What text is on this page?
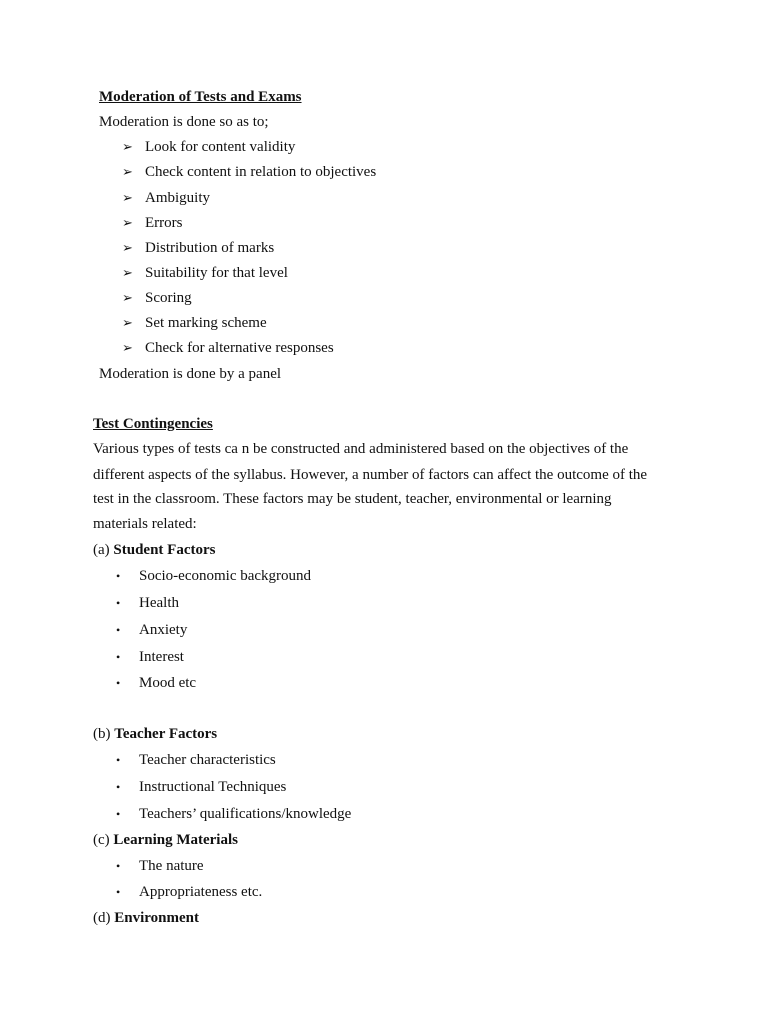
Moderation of Tests and Exams
Moderation is done so as to;
➢ Look for content validity
➢ Check content in relation to objectives
➢ Ambiguity
➢ Errors
➢ Distribution of marks
➢ Suitability for that level
➢ Scoring
➢ Set marking scheme
➢ Check for alternative responses
Moderation is done by a panel
Test Contingencies
Various types of tests ca n be constructed and administered based on the objectives of the
different aspects of the syllabus. However, a number of factors can affect the outcome of the
test in the classroom. These factors may be student, teacher, environmental or learning
materials related:
(a) Student Factors
• Socio-economic background
• Health
• Anxiety
• Interest
• Mood etc
(b) Teacher Factors
• Teacher characteristics
• Instructional Techniques
• Teachers’ qualifications/knowledge
(c) Learning Materials
• The nature
• Appropriateness etc.
(d) Environment
